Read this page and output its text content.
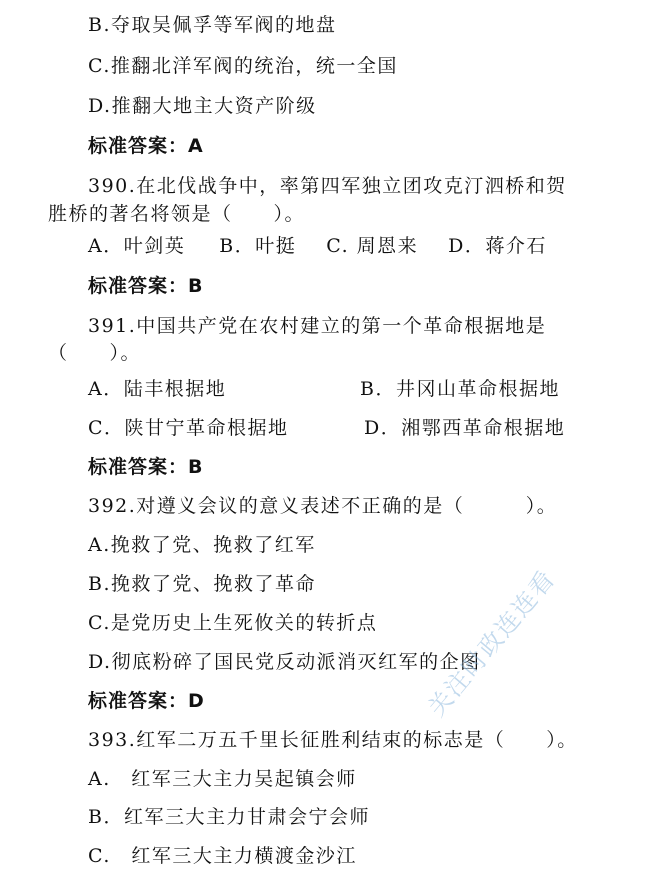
B.夺取吴佩孚等军阀的地盘
C.推翻北洋军阀的统治，统一全国
D.推翻大地主大资产阶级
标准答案：A
390.在北伐战争中，率第四军独立团攻克汀泗桥和贺
胜桥的著名将领是（　　）。
A．叶剑英 B．叶挺 C. 周恩来 D．蒋介石
标准答案：B
391.中国共产党在农村建立的第一个革命根据地是
（　　）。
A．陆丰根据地	B．井冈山革命根据地
C．陕甘宁革命根据地	D．湘鄂西革命根据地
标准答案：B
392.对遵义会议的意义表述不正确的是（　　　）。
A.挽救了党、挽救了红军
B.挽救了党、挽救了革命
C.是党历史上生死攸关的转折点
D.彻底粉碎了国民党反动派消灭红军的企图
标准答案：D
393.红军二万五千里长征胜利结束的标志是（　　）。
A.　红军三大主力吴起镇会师
B．红军三大主力甘肃会宁会师
C.　红军三大主力横渡金沙江
关注时政连连看
